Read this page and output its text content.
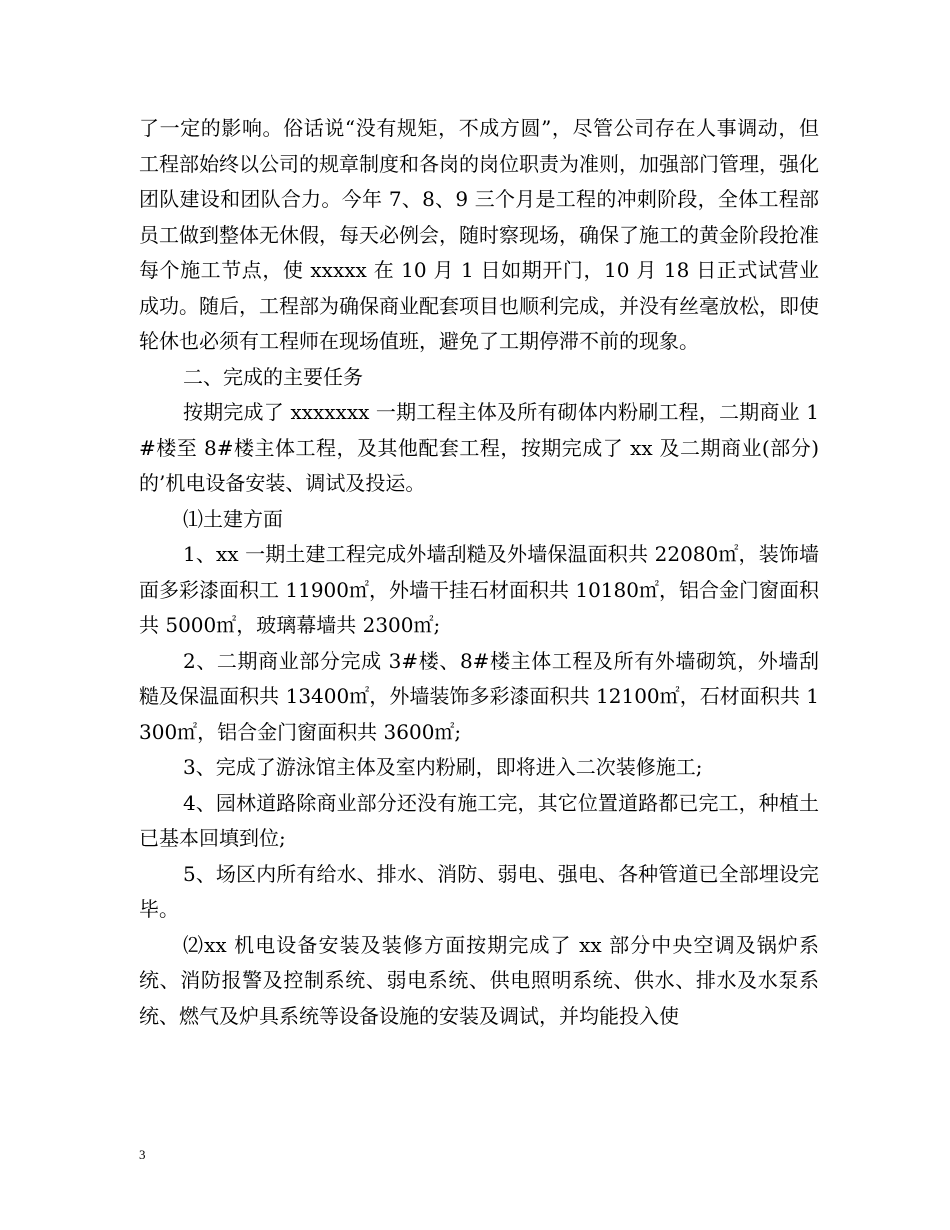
了一定的影响。俗话说“没有规矩，不成方圆”，尽管公司存在人事调动，但工程部始终以公司的规章制度和各岗的岗位职责为准则，加强部门管理，强化团队建设和团队合力。今年 7、8、9 三个月是工程的冲刺阶段，全体工程部员工做到整体无休假，每天必例会，随时察现场，确保了施工的黄金阶段抢准每个施工节点，使 xxxxx 在 10 月 1 日如期开门，10 月 18 日正式试营业成功。随后，工程部为确保商业配套项目也顺利完成，并没有丝毫放松，即使轮休也必须有工程师在现场值班，避免了工期停滞不前的现象。

二、完成的主要任务

按期完成了 xxxxxxx 一期工程主体及所有砌体内粉刷工程，二期商业 1#楼至 8#楼主体工程，及其他配套工程，按期完成了 xx 及二期商业(部分)的’机电设备安装、调试及投运。

⑴土建方面

1、xx 一期土建工程完成外墙刮糙及外墙保温面积共 22080㎡，装饰墙面多彩漆面积工 11900㎡，外墙干挂石材面积共 10180㎡，铝合金门窗面积共 5000㎡，玻璃幕墙共 2300㎡;

2、二期商业部分完成 3#楼、8#楼主体工程及所有外墙砌筑，外墙刮糙及保温面积共 13400㎡，外墙装饰多彩漆面积共 12100㎡，石材面积共 1300㎡，铝合金门窗面积共 3600㎡;

3、完成了游泳馆主体及室内粉刷，即将进入二次装修施工;

4、园林道路除商业部分还没有施工完，其它位置道路都已完工，种植土已基本回填到位;

5、场区内所有给水、排水、消防、弱电、强电、各种管道已全部埋设完毕。

⑵xx 机电设备安装及装修方面按期完成了 xx 部分中央空调及锅炉系统、消防报警及控制系统、弱电系统、供电照明系统、供水、排水及水泵系统、燃气及炉具系统等设备设施的安装及调试，并均能投入使

3
